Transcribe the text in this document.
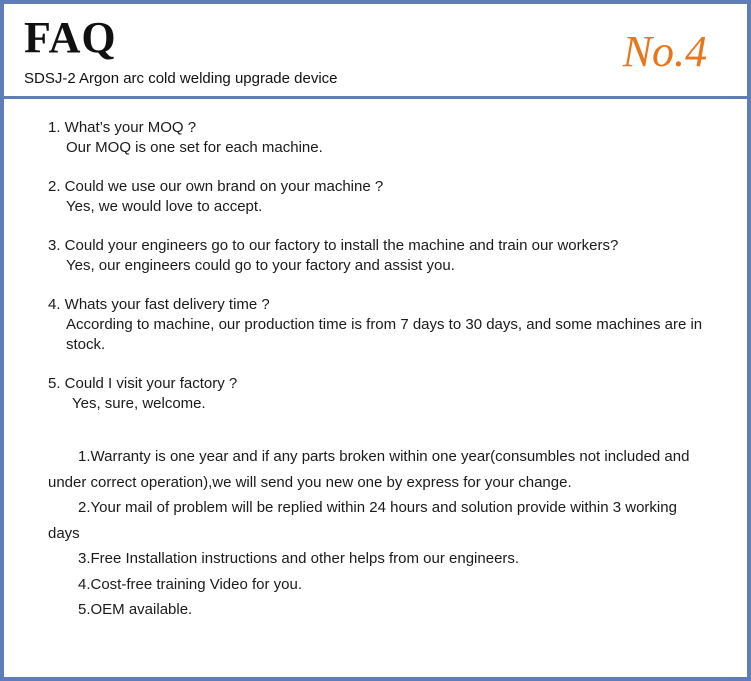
FAQ
SDSJ-2 Argon arc cold welding upgrade device
No.4
1. What’s your MOQ ?
Our MOQ is one set for each machine.
2. Could we use our own brand on your machine ?
Yes, we would love to accept.
3. Could your engineers go to our factory to install the machine and train our workers?
Yes, our engineers could go to your factory and assist you.
4. Whats your fast delivery time ?
According to machine, our production time is from 7 days to 30 days, and some machines are in stock.
5. Could I visit your factory ?
Yes, sure, welcome.
1.Warranty is one year and if any parts broken within one year(consumbles not included and under correct operation),we will send you new one by express for your change.
2.Your mail of problem will be replied within 24 hours and solution provide within 3 working days
3.Free Installation instructions and other helps from our engineers.
4.Cost-free training Video for you.
5.OEM available.
